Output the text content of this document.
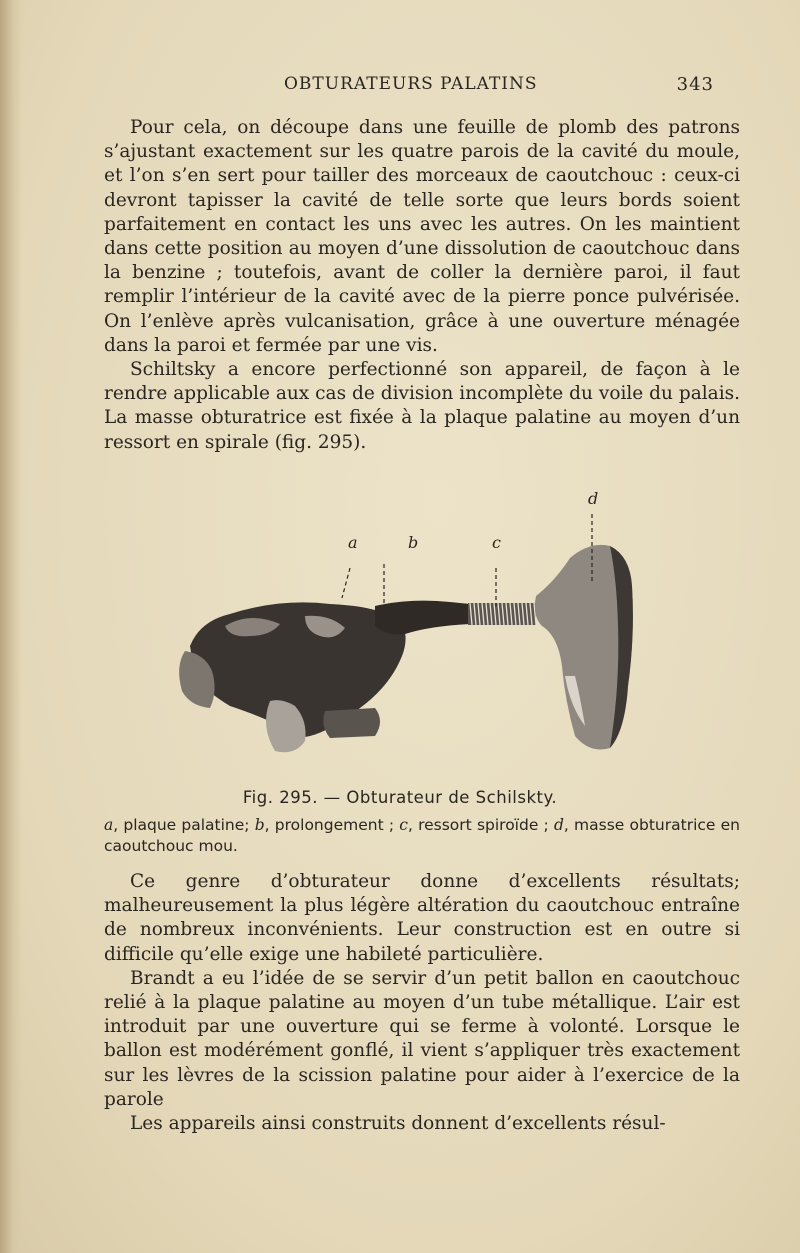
OBTURATEURS PALATINS	343

Pour cela, on découpe dans une feuille de plomb des patrons s’ajustant exactement sur les quatre parois de la cavité du moule, et l’on s’en sert pour tailler des morceaux de caoutchouc : ceux-ci devront tapisser la cavité de telle sorte que leurs bords soient parfaitement en contact les uns avec les autres. On les maintient dans cette position au moyen d’une dissolution de caoutchouc dans la benzine ; toutefois, avant de coller la dernière paroi, il faut remplir l’intérieur de la cavité avec de la pierre ponce pulvérisée. On l’enlève après vulcanisation, grâce à une ouverture ménagée dans la paroi et fermée par une vis.

Schiltsky a encore perfectionné son appareil, de façon à le rendre applicable aux cas de division incomplète du voile du palais. La masse obturatrice est fixée à la plaque palatine au moyen d’un ressort en spirale (fig. 295).

a	b	c
d
Fig. 295. — Obturateur de Schilskty.
a, plaque palatine; b, prolongement ; c, ressort spiroïde ; d, masse obturatrice en caoutchouc mou.

Ce genre d’obturateur donne d’excellents résultats; malheureusement la plus légère altération du caoutchouc entraîne de nombreux inconvénients. Leur construction est en outre si difficile qu’elle exige une habileté particulière.

Brandt a eu l’idée de se servir d’un petit ballon en caoutchouc relié à la plaque palatine au moyen d’un tube métallique. L’air est introduit par une ouverture qui se ferme à volonté. Lorsque le ballon est modérément gonflé, il vient s’appliquer très exactement sur les lèvres de la scission palatine pour aider à l’exercice de la parole

Les appareils ainsi construits donnent d’excellents résul-
